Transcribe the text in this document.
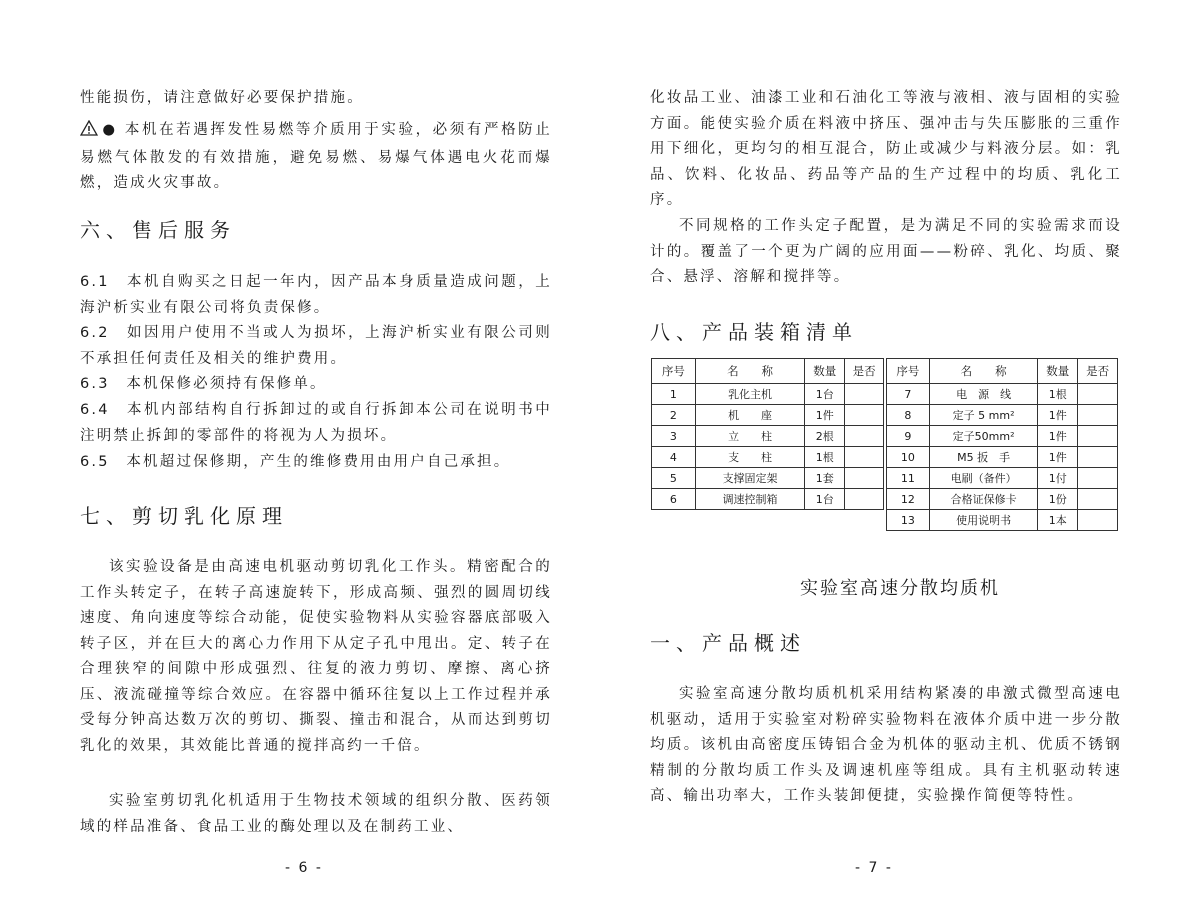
性能损伤，请注意做好必要保护措施。

● 本机在若遇挥发性易燃等介质用于实验，必须有严格防止易燃气体散发的有效措施，避免易燃、易爆气体遇电火花而爆燃，造成火灾事故。
六、售后服务

6.1　本机自购买之日起一年内，因产品本身质量造成问题，上海沪析实业有限公司将负责保修。

6.2　如因用户使用不当或人为损坏，上海沪析实业有限公司则不承担任何责任及相关的维护费用。

6.3　本机保修必须持有保修单。

6.4　本机内部结构自行拆卸过的或自行拆卸本公司在说明书中注明禁止拆卸的零部件的将视为人为损坏。

6.5　本机超过保修期，产生的维修费用由用户自己承担。

七、剪切乳化原理

该实验设备是由高速电机驱动剪切乳化工作头。精密配合的工作头转定子，在转子高速旋转下，形成高频、强烈的圆周切线速度、角向速度等综合动能，促使实验物料从实验容器底部吸入转子区，并在巨大的离心力作用下从定子孔中甩出。定、转子在合理狭窄的间隙中形成强烈、往复的液力剪切、摩擦、离心挤压、液流碰撞等综合效应。在容器中循环往复以上工作过程并承受每分钟高达数万次的剪切、撕裂、撞击和混合，从而达到剪切乳化的效果，其效能比普通的搅拌高约一千倍。

实验室剪切乳化机适用于生物技术领域的组织分散、医药领域的样品准备、食品工业的酶处理以及在制药工业、

- 6 -

化妆品工业、油漆工业和石油化工等液与液相、液与固相的实验方面。能使实验介质在料液中挤压、强冲击与失压膨胀的三重作用下细化，更均匀的相互混合，防止或减少与料液分层。如：乳品、饮料、化妆品、药品等产品的生产过程中的均质、乳化工序。

不同规格的工作头定子配置，是为满足不同的实验需求而设计的。覆盖了一个更为广阔的应用面——粉碎、乳化、均质、聚合、悬浮、溶解和搅拌等。

八、产品装箱清单
序号	名　　称	数量	是否
1	乳化主机	1台	
2	机　　座	1件	
3	立　　柱	2根	
4	支　　柱	1根	
5	支撑固定架	1套	
6	调速控制箱	1台	
序号	名　　称	数量	是否
7	电　源　线	1根	
8	定子 5 mm²	1件	
9	定子50mm²	1件	
10	M5 扳　手	1件	
11	电刷（备件）	1付	
12	合格证保修卡	1份	
13	使用说明书	1本	
实验室高速分散均质机
一、产品概述

实验室高速分散均质机机采用结构紧凑的串激式微型高速电机驱动，适用于实验室对粉碎实验物料在液体介质中进一步分散均质。该机由高密度压铸铝合金为机体的驱动主机、优质不锈钢精制的分散均质工作头及调速机座等组成。具有主机驱动转速高、输出功率大，工作头装卸便捷，实验操作简便等特性。

- 7 -
